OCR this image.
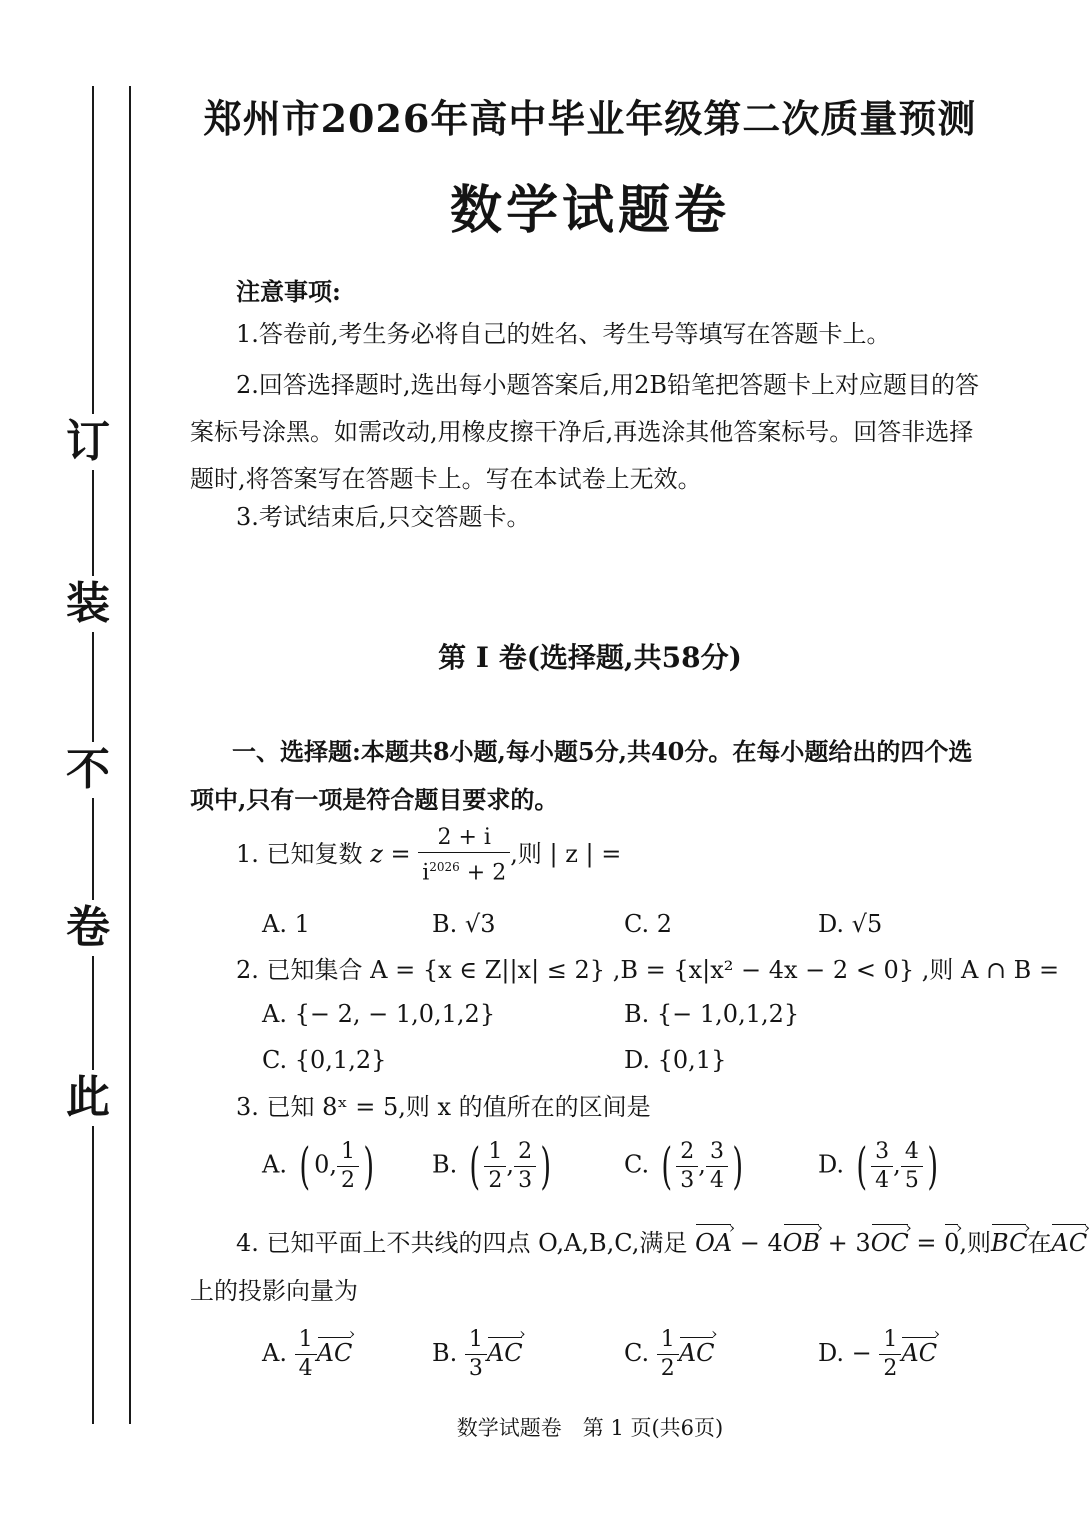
订
装
不
卷
此
郑州市2026年高中毕业年级第二次质量预测
数学试题卷
注意事项:
1.答卷前,考生务必将自己的姓名、考生号等填写在答题卡上。
2.回答选择题时,选出每小题答案后,用2B铅笔把答题卡上对应题目的答案标号涂黑。如需改动,用橡皮擦干净后,再选涂其他答案标号。回答非选择题时,将答案写在答题卡上。写在本试卷上无效。
3.考试结束后,只交答题卡。
第 Ⅰ 卷(选择题,共58分)
一、选择题:本题共8小题,每小题5分,共40分。在每小题给出的四个选项中,只有一项是符合题目要求的。
1. 已知复数 $z = \frac{2 + i}{i^{2026} + 2}$ ,则 | z | =
A. 1	B. √3	C. 2	D. √5
2. 已知集合 A = {x ∈ Z||x| ≤ 2} ,B = {x|x² − 4x − 2 < 0} ,则 A ∩ B =
A. {− 2, − 1,0,1,2}	B. {− 1,0,1,2}
C. {0,1,2}	D. {0,1}
3. 已知 8ˣ = 5,则 x 的值所在的区间是
A. ( 0, $\frac{1}{2}$ ) B. ( $\frac{1}{2}$ , $\frac{2}{3}$ )	C. ( $\frac{2}{3}$ , $\frac{3}{4}$ )	D. ( $\frac{3}{4}$ , $\frac{4}{5}$ )
4. 已知平面上不共线的四点 O,A,B,C,满足 › OA − 4› OB + 3› OC = › 0,则› BC在› AC
上的投影向量为
A. $\frac{1}{4}$ › AC	B. $\frac{1}{3}$ › AC	C. $\frac{1}{2}$ › AC	D. − $\frac{1}{2}$ › AC
数学试题卷　第 1 页(共6页)
